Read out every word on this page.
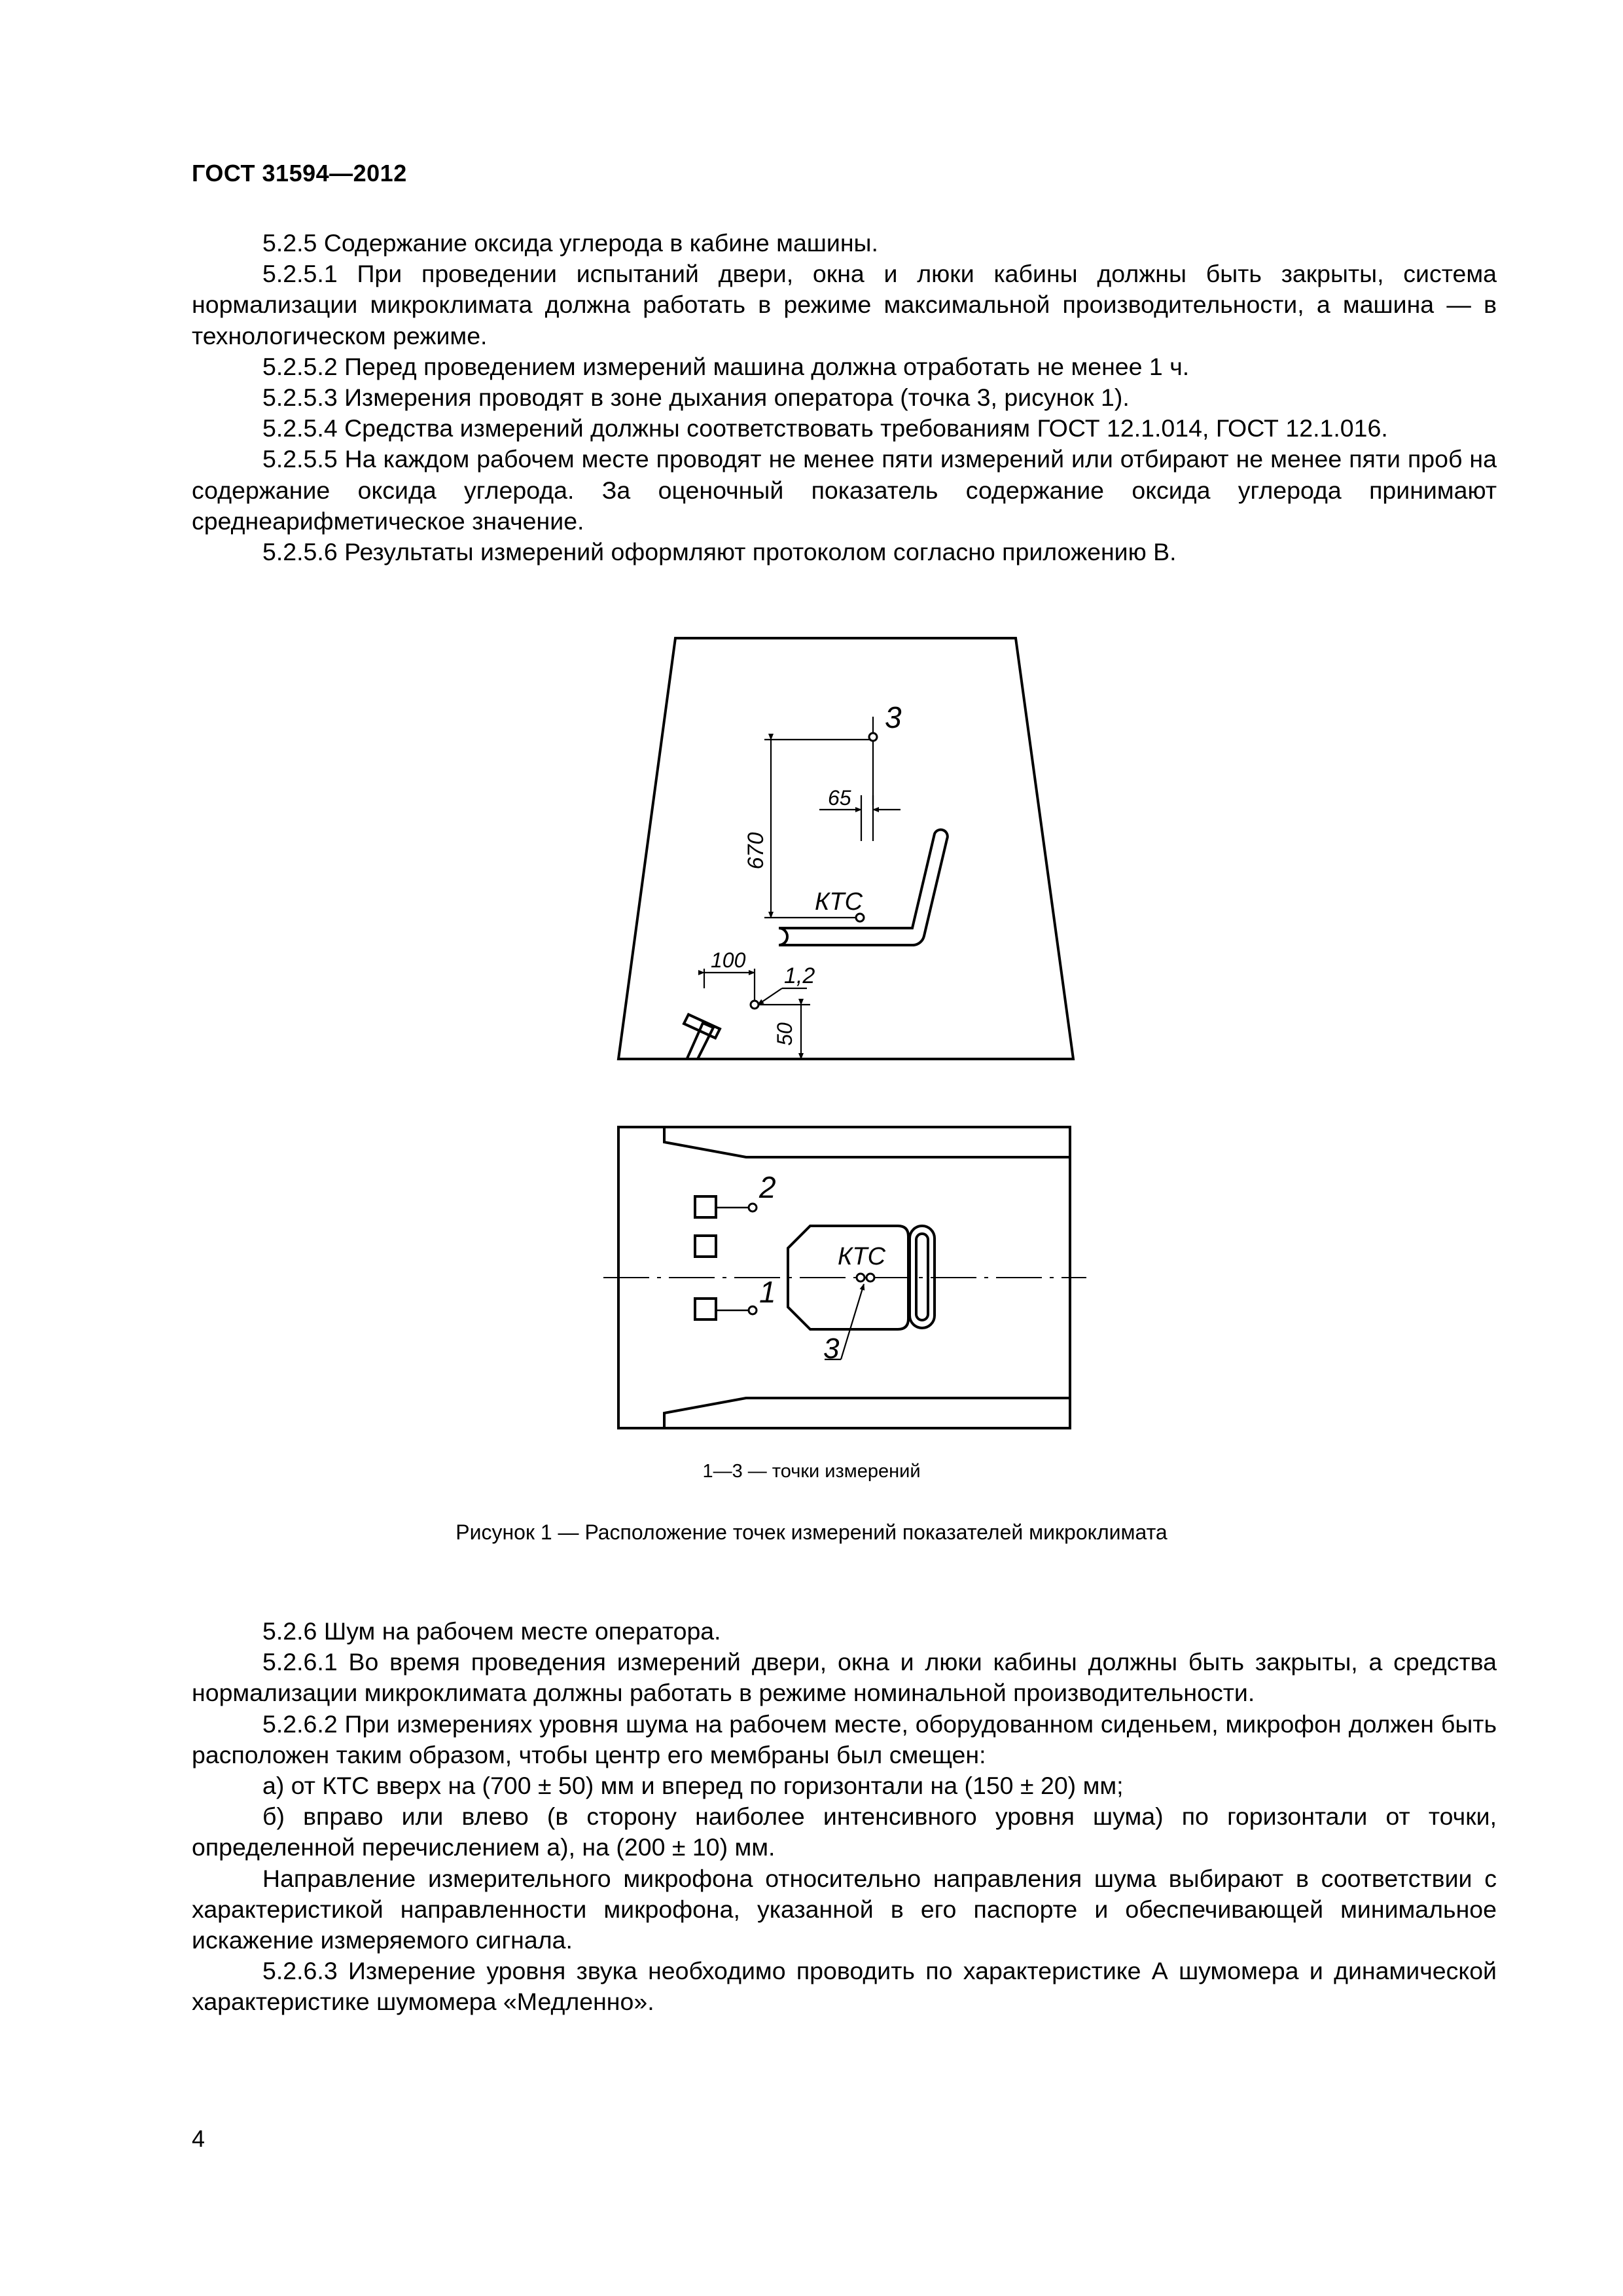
ГОСТ 31594—2012

5.2.5 Содержание оксида углерода в кабине машины.

5.2.5.1 При проведении испытаний двери, окна и люки кабины должны быть закрыты, система нормализации микроклимата должна работать в режиме максимальной производительности, а машина — в технологическом режиме.

5.2.5.2 Перед проведением измерений машина должна отработать не менее 1 ч.

5.2.5.3 Измерения проводят в зоне дыхания оператора (точка 3, рисунок 1).

5.2.5.4 Средства измерений должны соответствовать требованиям ГОСТ 12.1.014, ГОСТ 12.1.016.

5.2.5.5 На каждом рабочем месте проводят не менее пяти измерений или отбирают не менее пяти проб на содержание оксида углерода. За оценочный показатель содержание оксида углерода принимают среднеарифметическое значение.

5.2.5.6 Результаты измерений оформляют протоколом согласно приложению В.

3
65
670
КТС
100
1,2
50
2
1
КТС
3
1—3 — точки измерений
Рисунок 1 — Расположение точек измерений показателей микроклимата

5.2.6 Шум на рабочем месте оператора.

5.2.6.1 Во время проведения измерений двери, окна и люки кабины должны быть закрыты, а средства нормализации микроклимата должны работать в режиме номинальной производительности.

5.2.6.2 При измерениях уровня шума на рабочем месте, оборудованном сиденьем, микрофон должен быть расположен таким образом, чтобы центр его мембраны был смещен:

а) от КТС вверх на (700 ± 50) мм и вперед по горизонтали на (150 ± 20) мм;

б) вправо или влево (в сторону наиболее интенсивного уровня шума) по горизонтали от точки, определенной перечислением а), на (200 ± 10) мм.

Направление измерительного микрофона относительно направления шума выбирают в соответствии с характеристикой направленности микрофона, указанной в его паспорте и обеспечивающей минимальное искажение измеряемого сигнала.

5.2.6.3 Измерение уровня звука необходимо проводить по характеристике А шумомера и динамической характеристике шумомера «Медленно».

4
